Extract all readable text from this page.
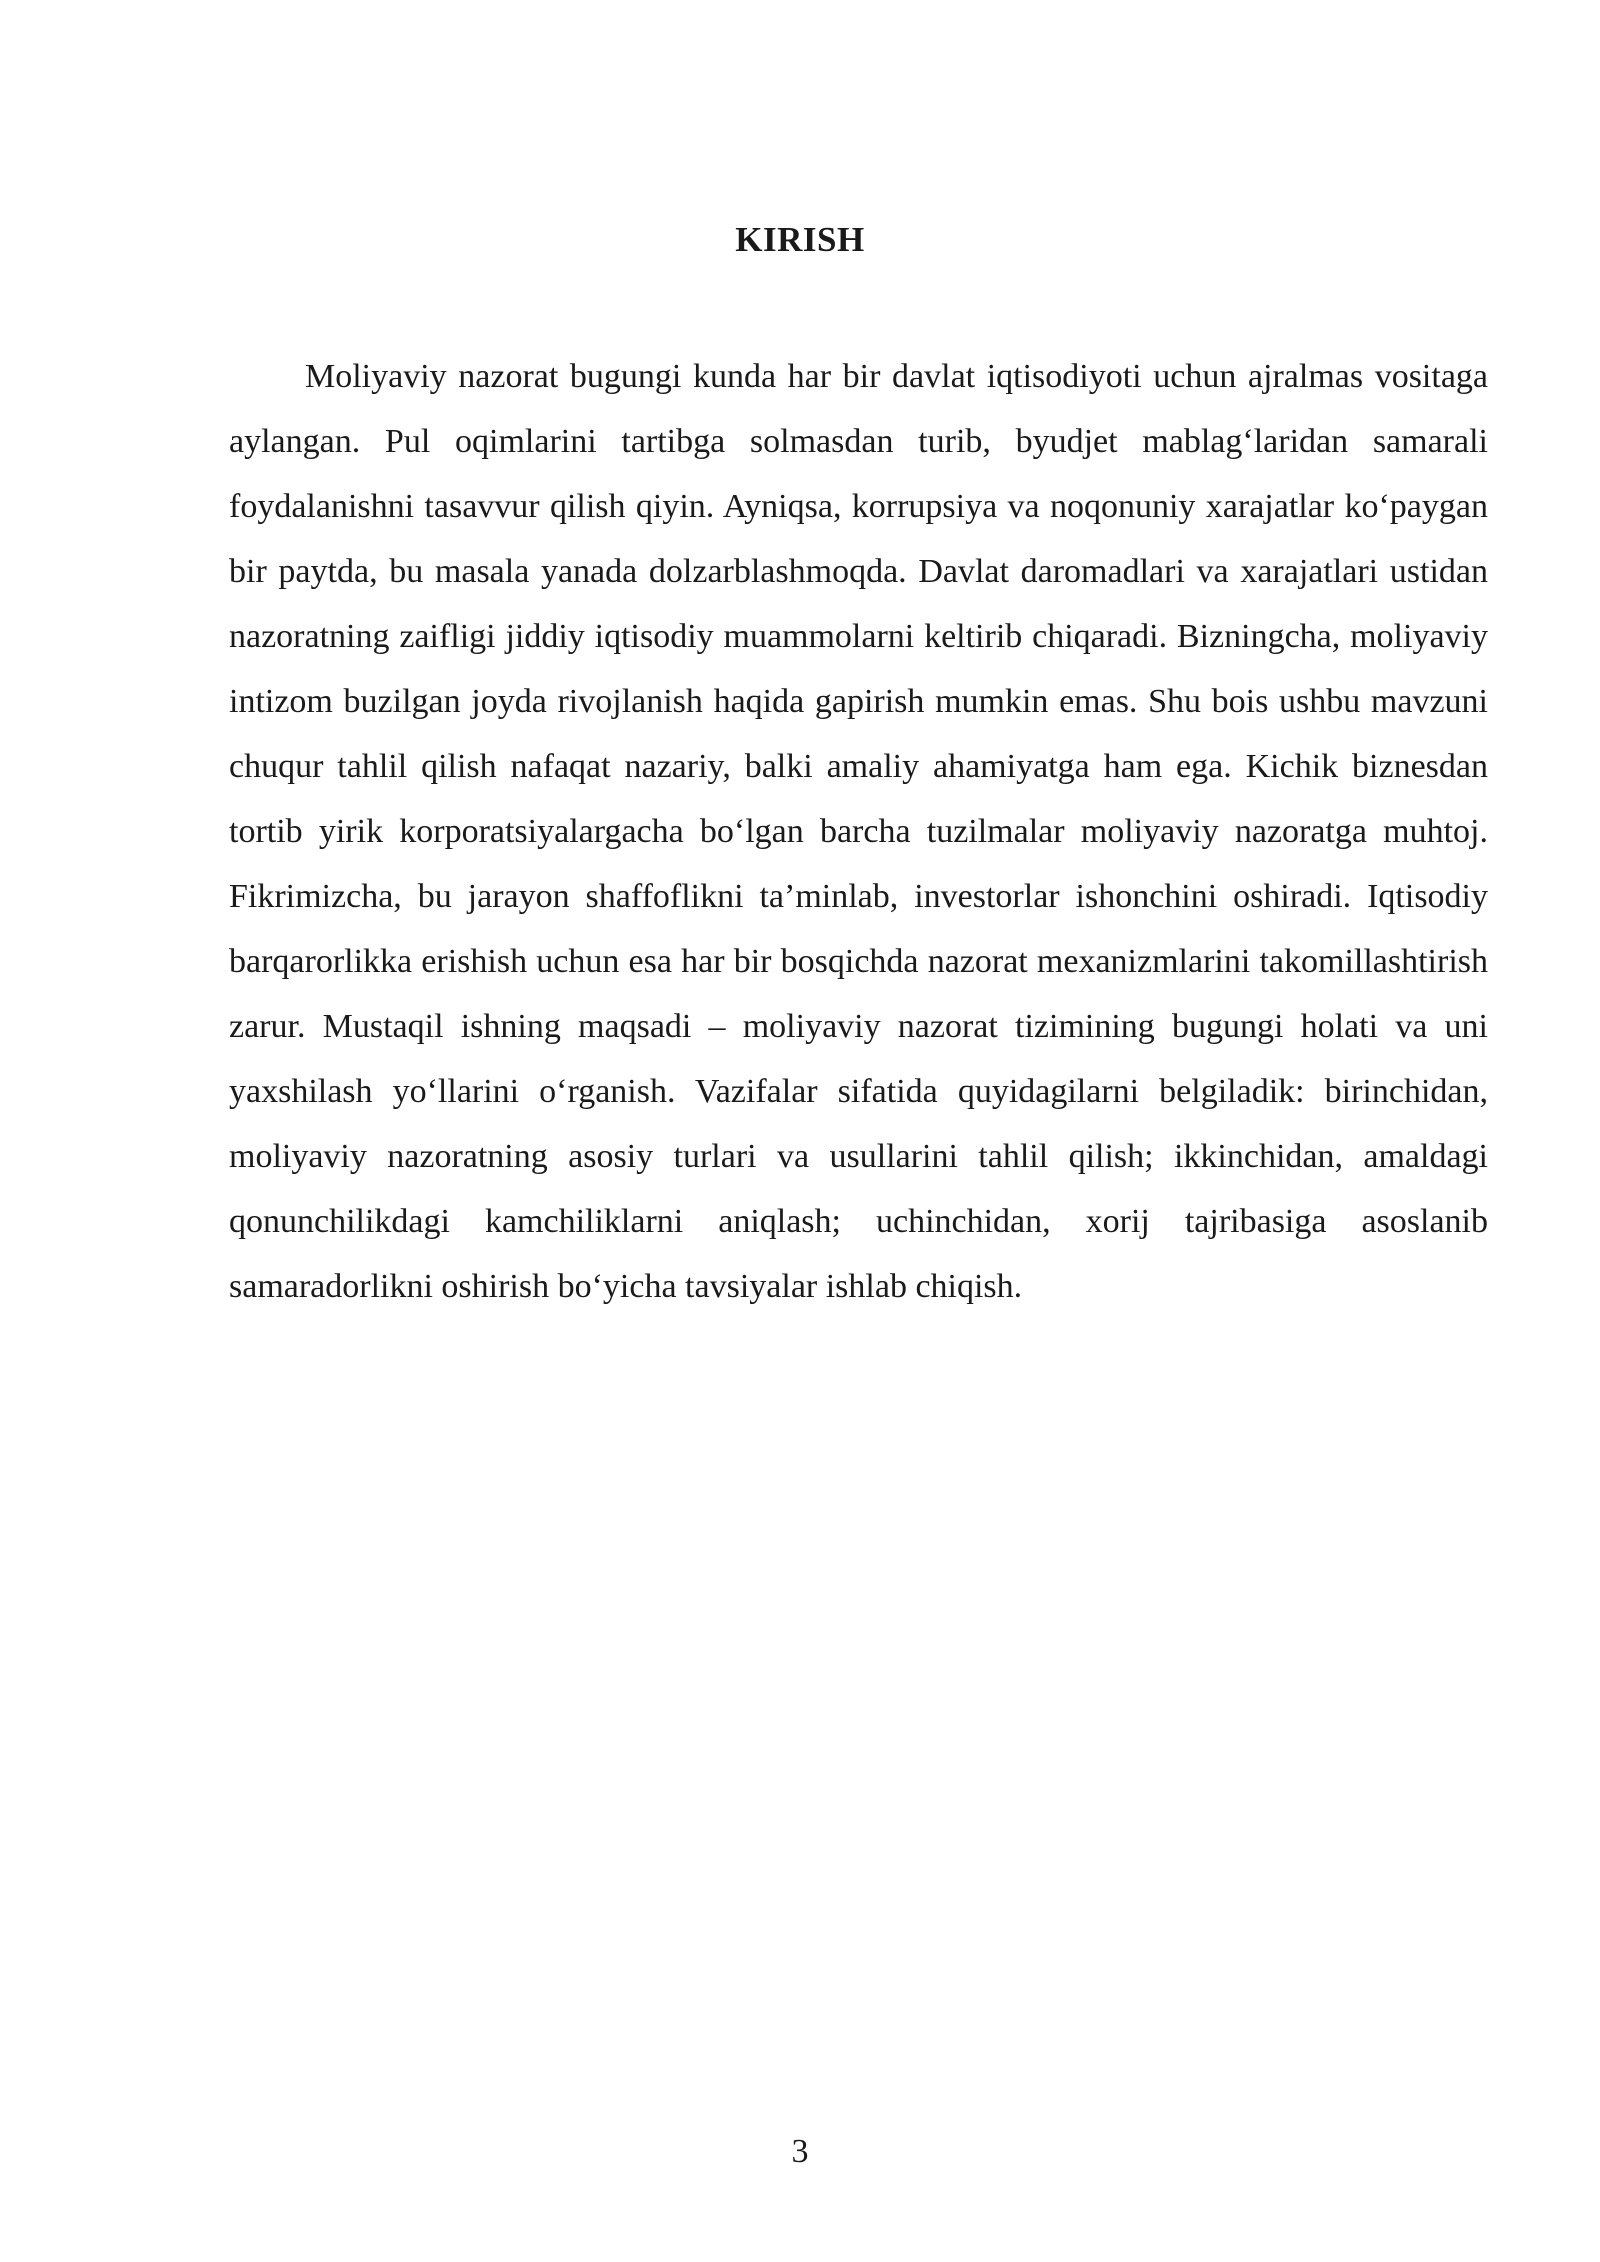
KIRISH

Moliyaviy nazorat bugungi kunda har bir davlat iqtisodiyoti uchun ajralmas vositaga aylangan. Pul oqimlarini tartibga solmasdan turib, byudjet mablag‘laridan samarali foydalanishni tasavvur qilish qiyin. Ayniqsa, korrupsiya va noqonuniy xarajatlar ko‘paygan bir paytda, bu masala yanada dolzarblashmoqda. Davlat daromadlari va xarajatlari ustidan nazoratning zaifligi jiddiy iqtisodiy muammolarni keltirib chiqaradi. Bizningcha, moliyaviy intizom buzilgan joyda rivojlanish haqida gapirish mumkin emas. Shu bois ushbu mavzuni chuqur tahlil qilish nafaqat nazariy, balki amaliy ahamiyatga ham ega. Kichik biznesdan tortib yirik korporatsiyalargacha bo‘lgan barcha tuzilmalar moliyaviy nazoratga muhtoj. Fikrimizcha, bu jarayon shaffoflikni ta’minlab, investorlar ishonchini oshiradi. Iqtisodiy barqarorlikka erishish uchun esa har bir bosqichda nazorat mexanizmlarini takomillashtirish zarur. Mustaqil ishning maqsadi – moliyaviy nazorat tizimining bugungi holati va uni yaxshilash yo‘llarini o‘rganish. Vazifalar sifatida quyidagilarni belgiladik: birinchidan, moliyaviy nazoratning asosiy turlari va usullarini tahlil qilish; ikkinchidan, amaldagi qonunchilikdagi kamchiliklarni aniqlash; uchinchidan, xorij tajribasiga asoslanib samaradorlikni oshirish bo‘yicha tavsiyalar ishlab chiqish.

3
